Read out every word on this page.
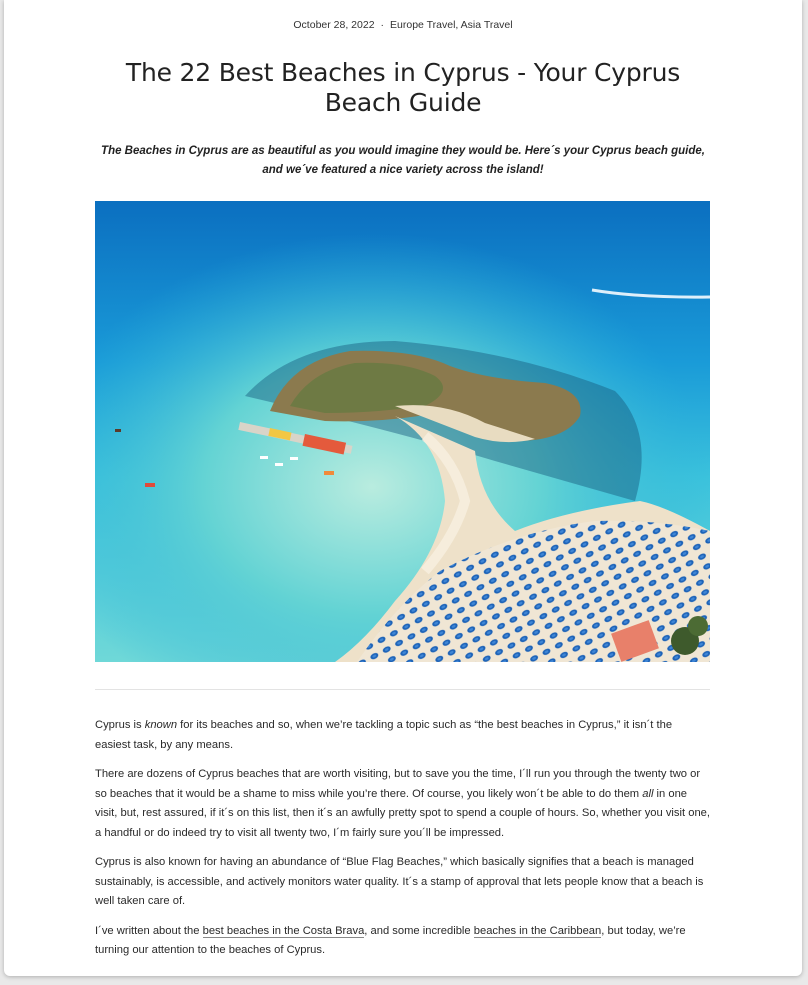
October 28, 2022 · Europe Travel, Asia Travel
The 22 Best Beaches in Cyprus - Your Cyprus Beach Guide

The Beaches in Cyprus are as beautiful as you would imagine they would be. Here´s your Cyprus beach guide, and we´ve featured a nice variety across the island!

Cyprus is known for its beaches and so, when we’re tackling a topic such as “the best beaches in Cyprus,” it isn´t the easiest task, by any means.

There are dozens of Cyprus beaches that are worth visiting, but to save you the time, I´ll run you through the twenty two or so beaches that it would be a shame to miss while you’re there. Of course, you likely won´t be able to do them all in one visit, but, rest assured, if it´s on this list, then it´s an awfully pretty spot to spend a couple of hours. So, whether you visit one, a handful or do indeed try to visit all twenty two, I´m fairly sure you´ll be impressed.

Cyprus is also known for having an abundance of “Blue Flag Beaches,” which basically signifies that a beach is managed sustainably, is accessible, and actively monitors water quality. It´s a stamp of approval that lets people know that a beach is well taken care of.

I´ve written about the best beaches in the Costa Brava, and some incredible beaches in the Caribbean, but today, we’re turning our attention to the beaches of Cyprus.
